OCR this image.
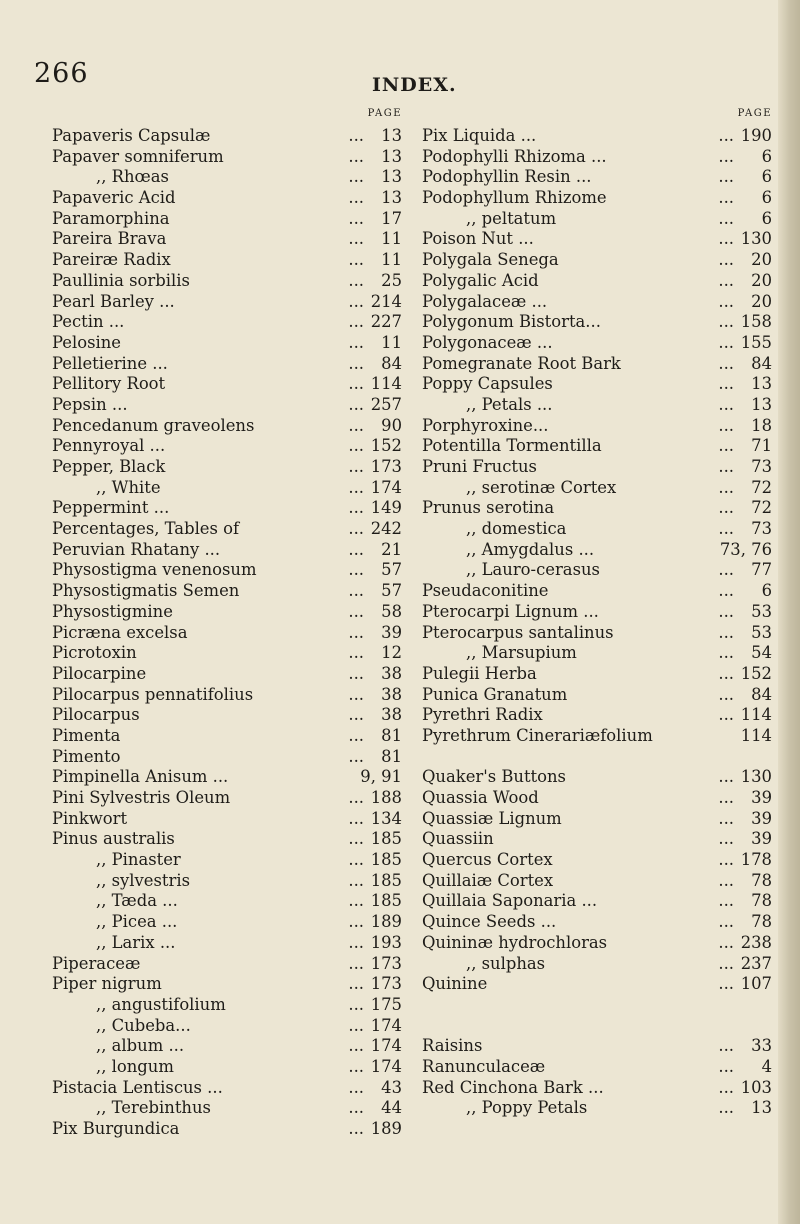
266	INDEX.
PAGE
Papaveris Capsulæ	... 13
Papaver somniferum	... 13
,, Rhœas	... 13
Papaveric Acid	... 13
Paramorphina	... 17
Pareira Brava	... 11
Pareiræ Radix	... 11
Paullinia sorbilis	... 25
Pearl Barley ...	... 214
Pectin ...	... 227
Pelosine	... 11
Pelletierine ...	... 84
Pellitory Root	... 114
Pepsin ...	... 257
Pencedanum graveolens	... 90
Pennyroyal ...	... 152
Pepper, Black	... 173
,, White	... 174
Peppermint ...	... 149
Percentages, Tables of	... 242
Peruvian Rhatany ...	... 21
Physostigma venenosum	... 57
Physostigmatis Semen	... 57
Physostigmine	... 58
Picræna excelsa	... 39
Picrotoxin	... 12
Pilocarpine	... 38
Pilocarpus pennatifolius	... 38
Pilocarpus	... 38
Pimenta	... 81
Pimento	... 81
Pimpinella Anisum ...	9, 91
Pini Sylvestris Oleum	... 188
Pinkwort	... 134
Pinus australis	... 185
,, Pinaster	... 185
,, sylvestris	... 185
,, Tæda ...	... 185
,, Picea ...	... 189
,, Larix ...	... 193
Piperaceæ	... 173
Piper nigrum	... 173
,, angustifolium	... 175
,, Cubeba...	... 174
,, album ...	... 174
,, longum	... 174
Pistacia Lentiscus ...	... 43
,, Terebinthus	... 44
Pix Burgundica	... 189
PAGE
Pix Liquida ...	... 190
Podophylli Rhizoma ...	... 6
Podophyllin Resin ...	... 6
Podophyllum Rhizome	... 6
,, peltatum	... 6
Poison Nut ...	... 130
Polygala Senega	... 20
Polygalic Acid	... 20
Polygalaceæ ...	... 20
Polygonum Bistorta...	... 158
Polygonaceæ ...	... 155
Pomegranate Root Bark	... 84
Poppy Capsules	... 13
,, Petals ...	... 13
Porphyroxine...	... 18
Potentilla Tormentilla	... 71
Pruni Fructus	... 73
,, serotinæ Cortex	... 72
Prunus serotina	... 72
,, domestica	... 73
,, Amygdalus ...	73, 76
,, Lauro-cerasus	... 77
Pseudaconitine	... 6
Pterocarpi Lignum ...	... 53
Pterocarpus santalinus	... 53
,, Marsupium	... 54
Pulegii Herba	... 152
Punica Granatum	... 84
Pyrethri Radix	... 114
Pyrethrum Cinerariæfolium	114
Quaker's Buttons	... 130
Quassia Wood	... 39
Quassiæ Lignum	... 39
Quassiin	... 39
Quercus Cortex	... 178
Quillaiæ Cortex	... 78
Quillaia Saponaria ...	... 78
Quince Seeds ...	... 78
Quininæ hydrochloras	... 238
,, sulphas	... 237
Quinine	... 107
Raisins	... 33
Ranunculaceæ	... 4
Red Cinchona Bark ...	... 103
,, Poppy Petals	... 13
